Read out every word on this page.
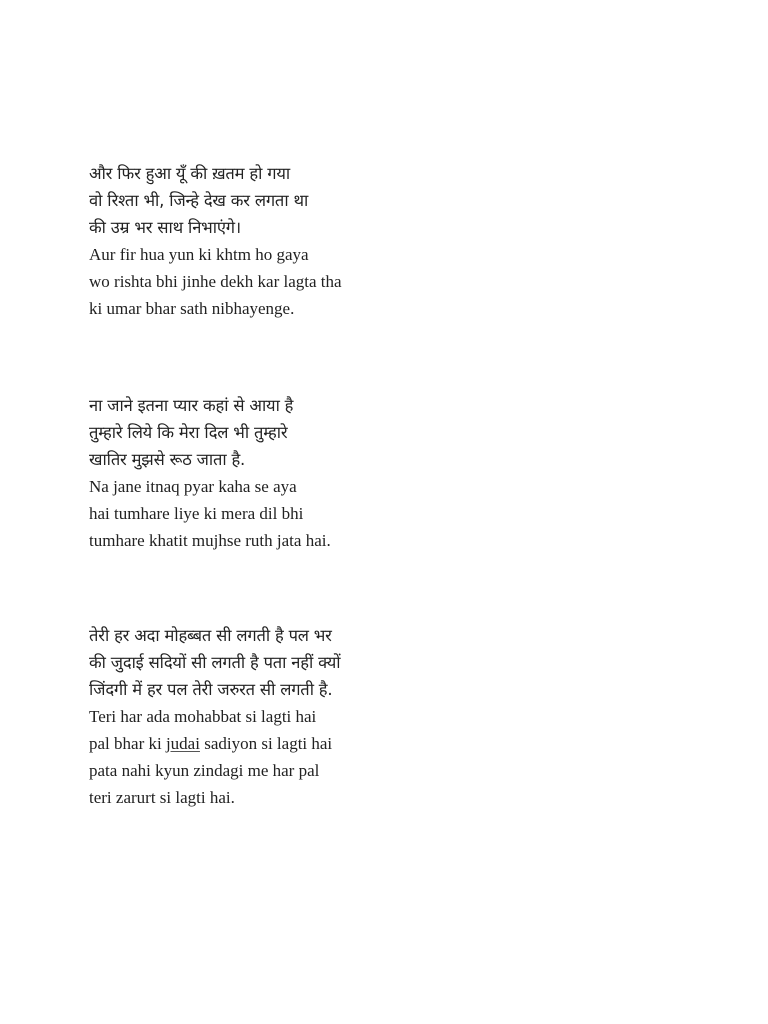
और फिर हुआ यूँ की ख़तम हो गया
वो रिश्ता भी, जिन्हे देख कर लगता था
की उम्र भर साथ निभाएंगे।
Aur fir hua yun ki khtm ho gaya
wo rishta bhi jinhe dekh kar lagta tha
ki umar bhar sath nibhayenge.
ना जाने इतना प्यार कहां से आया है
तुम्हारे लिये कि मेरा दिल भी तुम्हारे
खातिर मुझसे रूठ जाता है.
Na jane itnaq pyar kaha se aya
hai tumhare liye ki mera dil bhi
tumhare khatit mujhse ruth jata hai.
तेरी हर अदा मोहब्बत सी लगती है पल भर
की जुदाई सदियों सी लगती है पता नहीं क्यों
जिंदगी में हर पल तेरी जरुरत सी लगती है.
Teri har ada mohabbat si lagti hai
pal bhar ki judai sadiyon si lagti hai
pata nahi kyun zindagi me har pal
teri zarurt si lagti hai.
